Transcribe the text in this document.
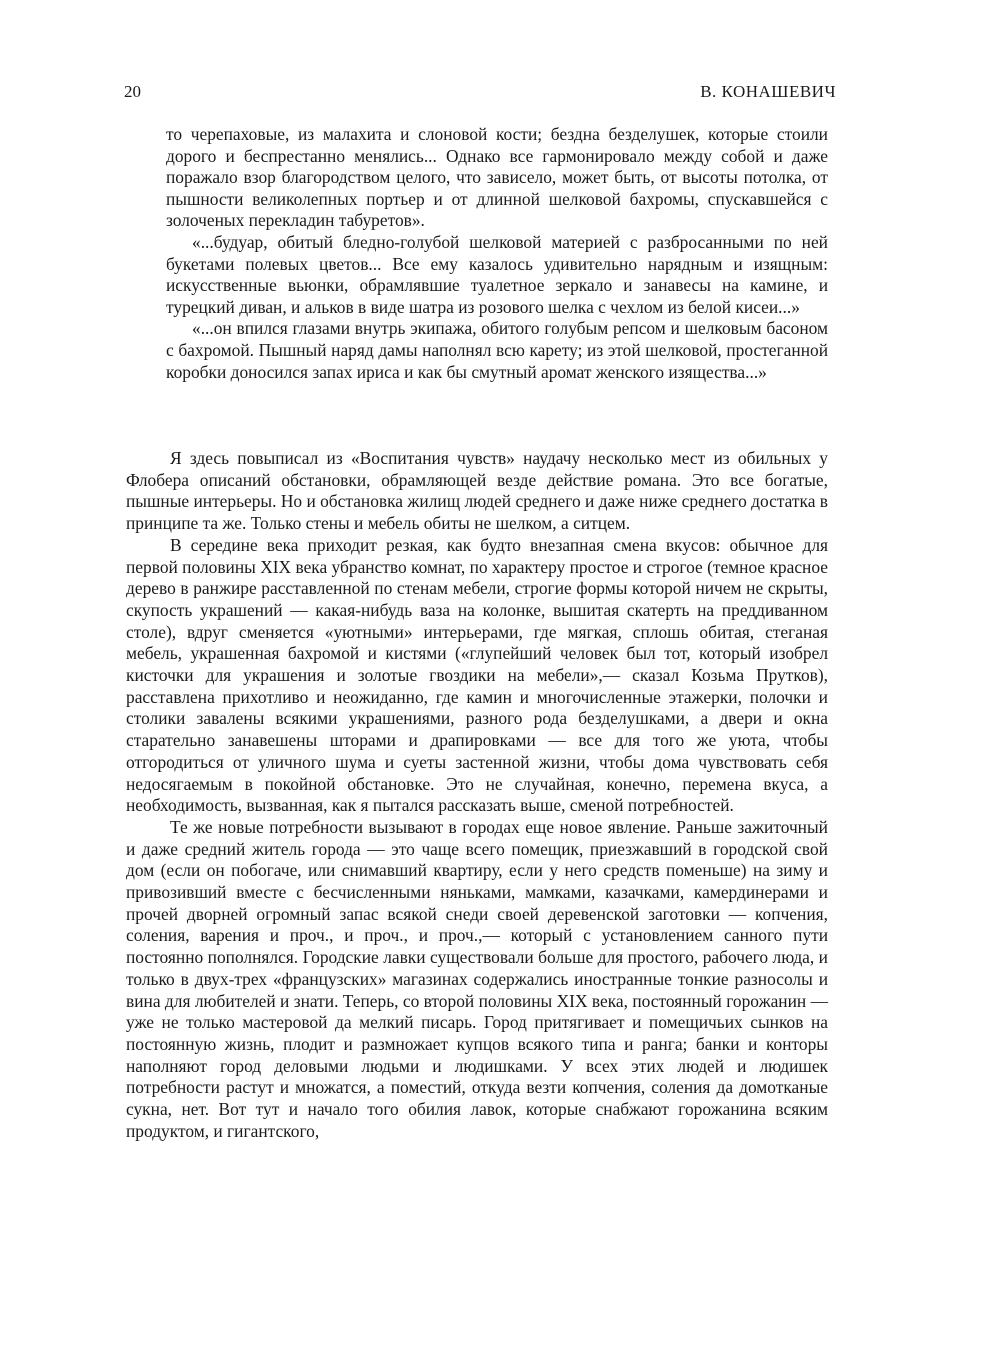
20	В. КОНАШЕВИЧ

то черепаховые, из малахита и слоновой кости; бездна безделушек, которые стоили дорого и беспрестанно менялись... Однако все гармонировало между собой и даже поражало взор благородством целого, что зависело, может быть, от высоты потолка, от пышности великолепных портьер и от длинной шелковой бахромы, спускавшейся с золоченых перекладин табуретов».

«...будуар, обитый бледно-голубой шелковой материей с разбросанными по ней букетами полевых цветов... Все ему казалось удивительно нарядным и изящным: искусственные вьюнки, обрамлявшие туалетное зеркало и занавесы на камине, и турецкий диван, и альков в виде шатра из розового шелка с чехлом из белой кисеи...»

«...он впился глазами внутрь экипажа, обитого голубым репсом и шелковым басоном с бахромой. Пышный наряд дамы наполнял всю карету; из этой шелковой, простеганной коробки доносился запах ириса и как бы смутный аромат женского изящества...»

Я здесь повыписал из «Воспитания чувств» наудачу несколько мест из обильных у Флобера описаний обстановки, обрамляющей везде действие романа. Это все богатые, пышные интерьеры. Но и обстановка жилищ людей среднего и даже ниже среднего достатка в принципе та же. Только стены и мебель обиты не шелком, а ситцем.

В середине века приходит резкая, как будто внезапная смена вкусов: обычное для первой половины XIX века убранство комнат, по характеру простое и строгое (темное красное дерево в ранжире расставленной по стенам мебели, строгие формы которой ничем не скрыты, скупость украшений — какая-нибудь ваза на колонке, вышитая скатерть на преддиванном столе), вдруг сменяется «уютными» интерьерами, где мягкая, сплошь обитая, стеганая мебель, украшенная бахромой и кистями («глупейший человек был тот, который изобрел кисточки для украшения и золотые гвоздики на мебели»,— сказал Козьма Прутков), расставлена прихотливо и неожиданно, где камин и многочисленные этажерки, полочки и столики завалены всякими украшениями, разного рода безделушками, а двери и окна старательно занавешены шторами и драпировками — все для того же уюта, чтобы отгородиться от уличного шума и суеты застенной жизни, чтобы дома чувствовать себя недосягаемым в покойной обстановке. Это не случайная, конечно, перемена вкуса, а необходимость, вызванная, как я пытался рассказать выше, сменой потребностей.

Те же новые потребности вызывают в городах еще новое явление. Раньше зажиточный и даже средний житель города — это чаще всего помещик, приезжавший в городской свой дом (если он побогаче, или снимавший квартиру, если у него средств поменьше) на зиму и привозивший вместе с бесчисленными няньками, мамками, казачками, камердинерами и прочей дворней огромный запас всякой снеди своей деревенской заготовки — копчения, соления, варения и проч., и проч., и проч.,— который с установлением санного пути постоянно пополнялся. Городские лавки существовали больше для простого, рабочего люда, и только в двух-трех «французских» магазинах содержались иностранные тонкие разносолы и вина для любителей и знати. Теперь, со второй половины XIX века, постоянный горожанин — уже не только мастеровой да мелкий писарь. Город притягивает и помещичьих сынков на постоянную жизнь, плодит и размножает купцов всякого типа и ранга; банки и конторы наполняют город деловыми людьми и людишками. У всех этих людей и людишек потребности растут и множатся, а поместий, откуда везти копчения, соления да домотканые сукна, нет. Вот тут и начало того обилия лавок, которые снабжают горожанина всяким продуктом, и гигантского,
